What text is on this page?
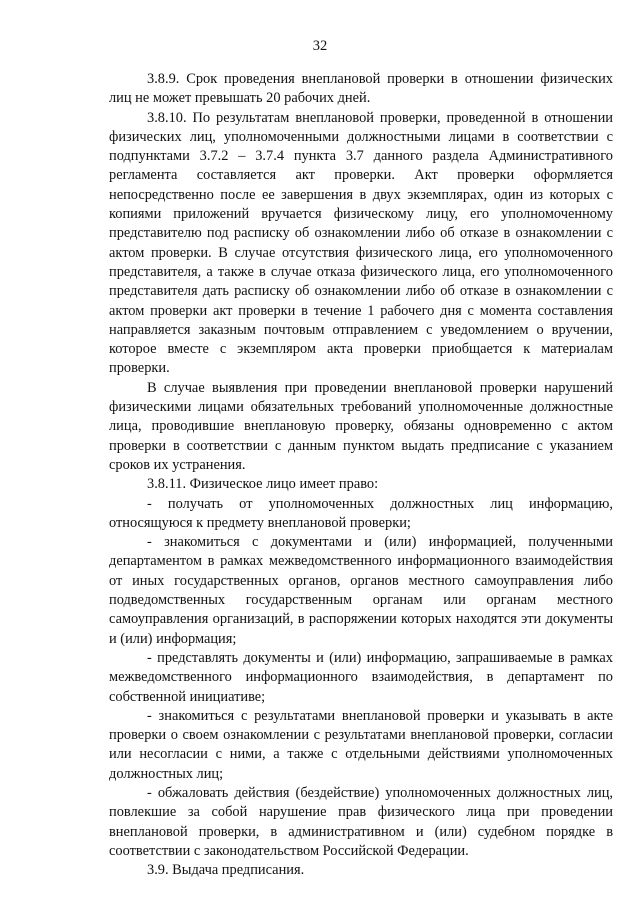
32

3.8.9. Срок проведения внеплановой проверки в отношении физических лиц не может превышать 20 рабочих дней.

3.8.10. По результатам внеплановой проверки, проведенной в отношении физических лиц, уполномоченными должностными лицами в соответствии с подпунктами 3.7.2 – 3.7.4 пункта 3.7 данного раздела Административного регламента составляется акт проверки. Акт проверки оформляется непосредственно после ее завершения в двух экземплярах, один из которых с копиями приложений вручается физическому лицу, его уполномоченному представителю под расписку об ознакомлении либо об отказе в ознакомлении с актом проверки. В случае отсутствия физического лица, его уполномоченного представителя, а также в случае отказа физического лица, его уполномоченного представителя дать расписку об ознакомлении либо об отказе в ознакомлении с актом проверки акт проверки в течение 1 рабочего дня с момента составления направляется заказным почтовым отправлением с уведомлением о вручении, которое вместе с экземпляром акта проверки приобщается к материалам проверки.

В случае выявления при проведении внеплановой проверки нарушений физическими лицами обязательных требований уполномоченные должностные лица, проводившие внеплановую проверку, обязаны одновременно с актом проверки в соответствии с данным пунктом выдать предписание с указанием сроков их устранения.

3.8.11. Физическое лицо имеет право:

- получать от уполномоченных должностных лиц информацию, относящуюся к предмету внеплановой проверки;

- знакомиться с документами и (или) информацией, полученными департаментом в рамках межведомственного информационного взаимодействия от иных государственных органов, органов местного самоуправления либо подведомственных государственным органам или органам местного самоуправления организаций, в распоряжении которых находятся эти документы и (или) информация;

- представлять документы и (или) информацию, запрашиваемые в рамках межведомственного информационного взаимодействия, в департамент по собственной инициативе;

- знакомиться с результатами внеплановой проверки и указывать в акте проверки о своем ознакомлении с результатами внеплановой проверки, согласии или несогласии с ними, а также с отдельными действиями уполномоченных должностных лиц;

- обжаловать действия (бездействие) уполномоченных должностных лиц, повлекшие за собой нарушение прав физического лица при проведении внеплановой проверки, в административном и (или) судебном порядке в соответствии с законодательством Российской Федерации.

3.9. Выдача предписания.
